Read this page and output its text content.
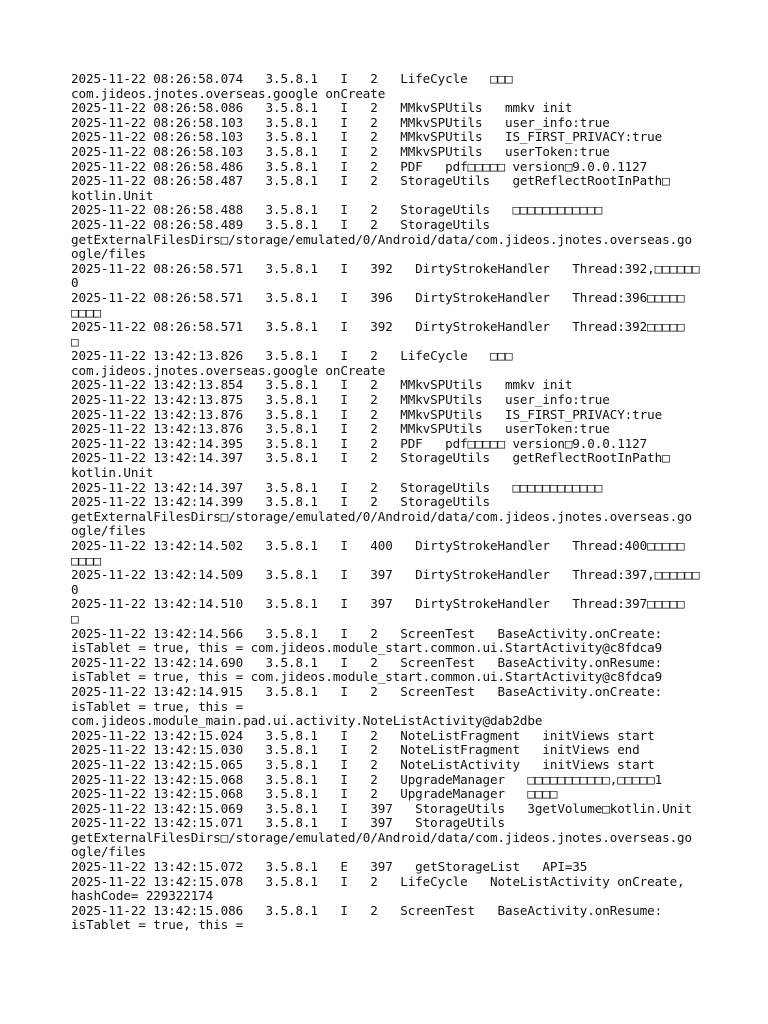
2025-11-22 08:26:58.074   3.5.8.1   I   2   LifeCycle   □□□
com.jideos.jnotes.overseas.google onCreate
2025-11-22 08:26:58.086   3.5.8.1   I   2   MMkvSPUtils   mmkv init
2025-11-22 08:26:58.103   3.5.8.1   I   2   MMkvSPUtils   user_info:true
2025-11-22 08:26:58.103   3.5.8.1   I   2   MMkvSPUtils   IS_FIRST_PRIVACY:true
2025-11-22 08:26:58.103   3.5.8.1   I   2   MMkvSPUtils   userToken:true
2025-11-22 08:26:58.486   3.5.8.1   I   2   PDF   pdf□□□□□ version□9.0.0.1127
2025-11-22 08:26:58.487   3.5.8.1   I   2   StorageUtils   getReflectRootInPath□
kotlin.Unit
2025-11-22 08:26:58.488   3.5.8.1   I   2   StorageUtils   □□□□□□□□□□□□
2025-11-22 08:26:58.489   3.5.8.1   I   2   StorageUtils
getExternalFilesDirs□/storage/emulated/0/Android/data/com.jideos.jnotes.overseas.go
ogle/files
2025-11-22 08:26:58.571   3.5.8.1   I   392   DirtyStrokeHandler   Thread:392,□□□□□□
0
2025-11-22 08:26:58.571   3.5.8.1   I   396   DirtyStrokeHandler   Thread:396□□□□□
□□□□
2025-11-22 08:26:58.571   3.5.8.1   I   392   DirtyStrokeHandler   Thread:392□□□□□
□
2025-11-22 13:42:13.826   3.5.8.1   I   2   LifeCycle   □□□
com.jideos.jnotes.overseas.google onCreate
2025-11-22 13:42:13.854   3.5.8.1   I   2   MMkvSPUtils   mmkv init
2025-11-22 13:42:13.875   3.5.8.1   I   2   MMkvSPUtils   user_info:true
2025-11-22 13:42:13.876   3.5.8.1   I   2   MMkvSPUtils   IS_FIRST_PRIVACY:true
2025-11-22 13:42:13.876   3.5.8.1   I   2   MMkvSPUtils   userToken:true
2025-11-22 13:42:14.395   3.5.8.1   I   2   PDF   pdf□□□□□ version□9.0.0.1127
2025-11-22 13:42:14.397   3.5.8.1   I   2   StorageUtils   getReflectRootInPath□
kotlin.Unit
2025-11-22 13:42:14.397   3.5.8.1   I   2   StorageUtils   □□□□□□□□□□□□
2025-11-22 13:42:14.399   3.5.8.1   I   2   StorageUtils
getExternalFilesDirs□/storage/emulated/0/Android/data/com.jideos.jnotes.overseas.go
ogle/files
2025-11-22 13:42:14.502   3.5.8.1   I   400   DirtyStrokeHandler   Thread:400□□□□□
□□□□
2025-11-22 13:42:14.509   3.5.8.1   I   397   DirtyStrokeHandler   Thread:397,□□□□□□
0
2025-11-22 13:42:14.510   3.5.8.1   I   397   DirtyStrokeHandler   Thread:397□□□□□
□
2025-11-22 13:42:14.566   3.5.8.1   I   2   ScreenTest   BaseActivity.onCreate:
isTablet = true, this = com.jideos.module_start.common.ui.StartActivity@c8fdca9
2025-11-22 13:42:14.690   3.5.8.1   I   2   ScreenTest   BaseActivity.onResume:
isTablet = true, this = com.jideos.module_start.common.ui.StartActivity@c8fdca9
2025-11-22 13:42:14.915   3.5.8.1   I   2   ScreenTest   BaseActivity.onCreate:
isTablet = true, this =
com.jideos.module_main.pad.ui.activity.NoteListActivity@dab2dbe
2025-11-22 13:42:15.024   3.5.8.1   I   2   NoteListFragment   initViews start
2025-11-22 13:42:15.030   3.5.8.1   I   2   NoteListFragment   initViews end
2025-11-22 13:42:15.065   3.5.8.1   I   2   NoteListActivity   initViews start
2025-11-22 13:42:15.068   3.5.8.1   I   2   UpgradeManager   □□□□□□□□□□□,□□□□□1
2025-11-22 13:42:15.068   3.5.8.1   I   2   UpgradeManager   □□□□
2025-11-22 13:42:15.069   3.5.8.1   I   397   StorageUtils   3getVolume□kotlin.Unit
2025-11-22 13:42:15.071   3.5.8.1   I   397   StorageUtils
getExternalFilesDirs□/storage/emulated/0/Android/data/com.jideos.jnotes.overseas.go
ogle/files
2025-11-22 13:42:15.072   3.5.8.1   E   397   getStorageList   API=35
2025-11-22 13:42:15.078   3.5.8.1   I   2   LifeCycle   NoteListActivity onCreate,
hashCode= 229322174
2025-11-22 13:42:15.086   3.5.8.1   I   2   ScreenTest   BaseActivity.onResume:
isTablet = true, this =
